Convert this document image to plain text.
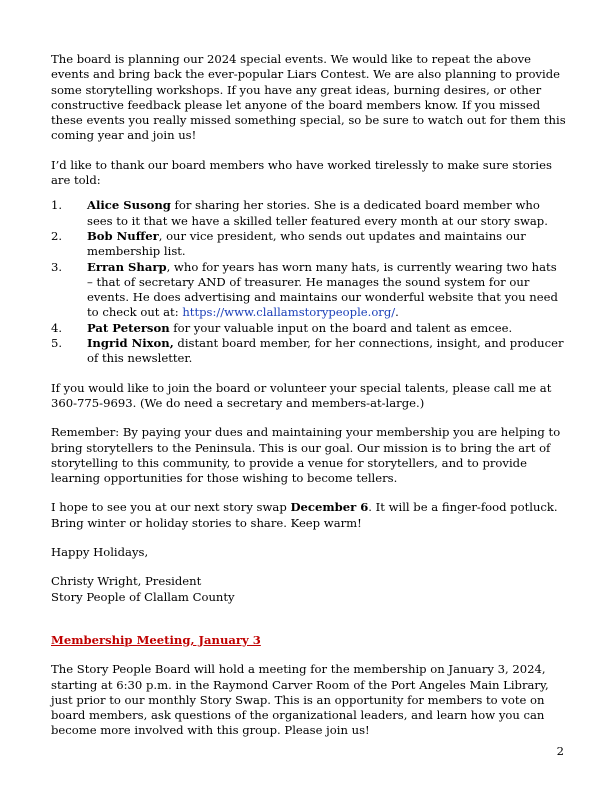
The board is planning our 2024 special events. We would like to repeat the above events and bring back the ever-popular Liars Contest. We are also planning to provide some storytelling workshops. If you have any great ideas, burning desires, or other constructive feedback please let anyone of the board members know. If you missed these events you really missed something special, so be sure to watch out for them this coming year and join us!

I’d like to thank our board members who have worked tirelessly to make sure stories are told:

1.	Alice Susong for sharing her stories. She is a dedicated board member who sees to it that we have a skilled teller featured every month at our story swap.
2.	Bob Nuffer, our vice president, who sends out updates and maintains our membership list.
3.	Erran Sharp, who for years has worn many hats, is currently wearing two hats – that of secretary AND of treasurer. He manages the sound system for our events. He does advertising and maintains our wonderful website that you need to check out at: https://www.clallamstorypeople.org/.
4.	Pat Peterson for your valuable input on the board and talent as emcee.
5.	Ingrid Nixon, distant board member, for her connections, insight, and producer of this newsletter.

If you would like to join the board or volunteer your special talents, please call me at 360-775-9693. (We do need a secretary and members-at-large.)

Remember: By paying your dues and maintaining your membership you are helping to bring storytellers to the Peninsula. This is our goal. Our mission is to bring the art of storytelling to this community, to provide a venue for storytellers, and to provide learning opportunities for those wishing to become tellers.

I hope to see you at our next story swap December 6. It will be a finger-food potluck. Bring winter or holiday stories to share. Keep warm!

Happy Holidays,

Christy Wright, President

Story People of Clallam County

Membership Meeting, January 3

The Story People Board will hold a meeting for the membership on January 3, 2024, starting at 6:30 p.m. in the Raymond Carver Room of the Port Angeles Main Library, just prior to our monthly Story Swap. This is an opportunity for members to vote on board members, ask questions of the organizational leaders, and learn how you can become more involved with this group. Please join us!

2
